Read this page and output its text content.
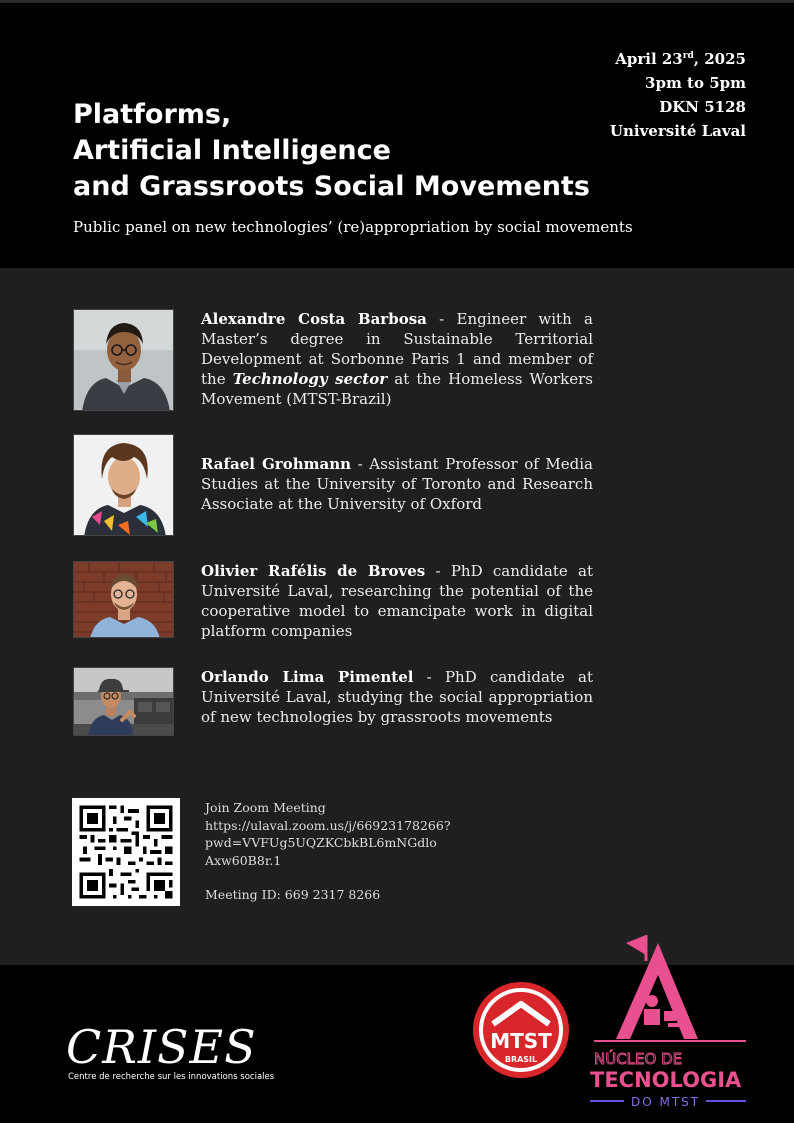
April 23rd, 2025
3pm to 5pm
DKN 5128
Université Laval
Platforms,
Artificial Intelligence
and Grassroots Social Movements
Public panel on new technologies’ (re)appropriation by social movements
Alexandre Costa Barbosa - Engineer with a Master’s degree in Sustainable Territorial Development at Sorbonne Paris 1 and member of the Technology sector at the Homeless Workers Movement (MTST-Brazil)
Rafael Grohmann - Assistant Professor of Media Studies at the University of Toronto and Research Associate at the University of Oxford
Olivier Rafélis de Broves - PhD candidate at Université Laval, researching the potential of the cooperative model to emancipate work in digital platform companies
Orlando Lima Pimentel - PhD candidate at Université Laval, studying the social appropriation of new technologies by grassroots movements
Join Zoom Meeting
https://ulaval.zoom.us/j/66923178266?
pwd=VVFUg5UQZKCbkBL6mNGdlo
Axw60B8r.1
Meeting ID: 669 2317 8266
CRISES
Centre de recherche sur les innovations sociales
MTST
BRASIL	NÚCLEO DE
TECNOLOGIA
DO MTST
